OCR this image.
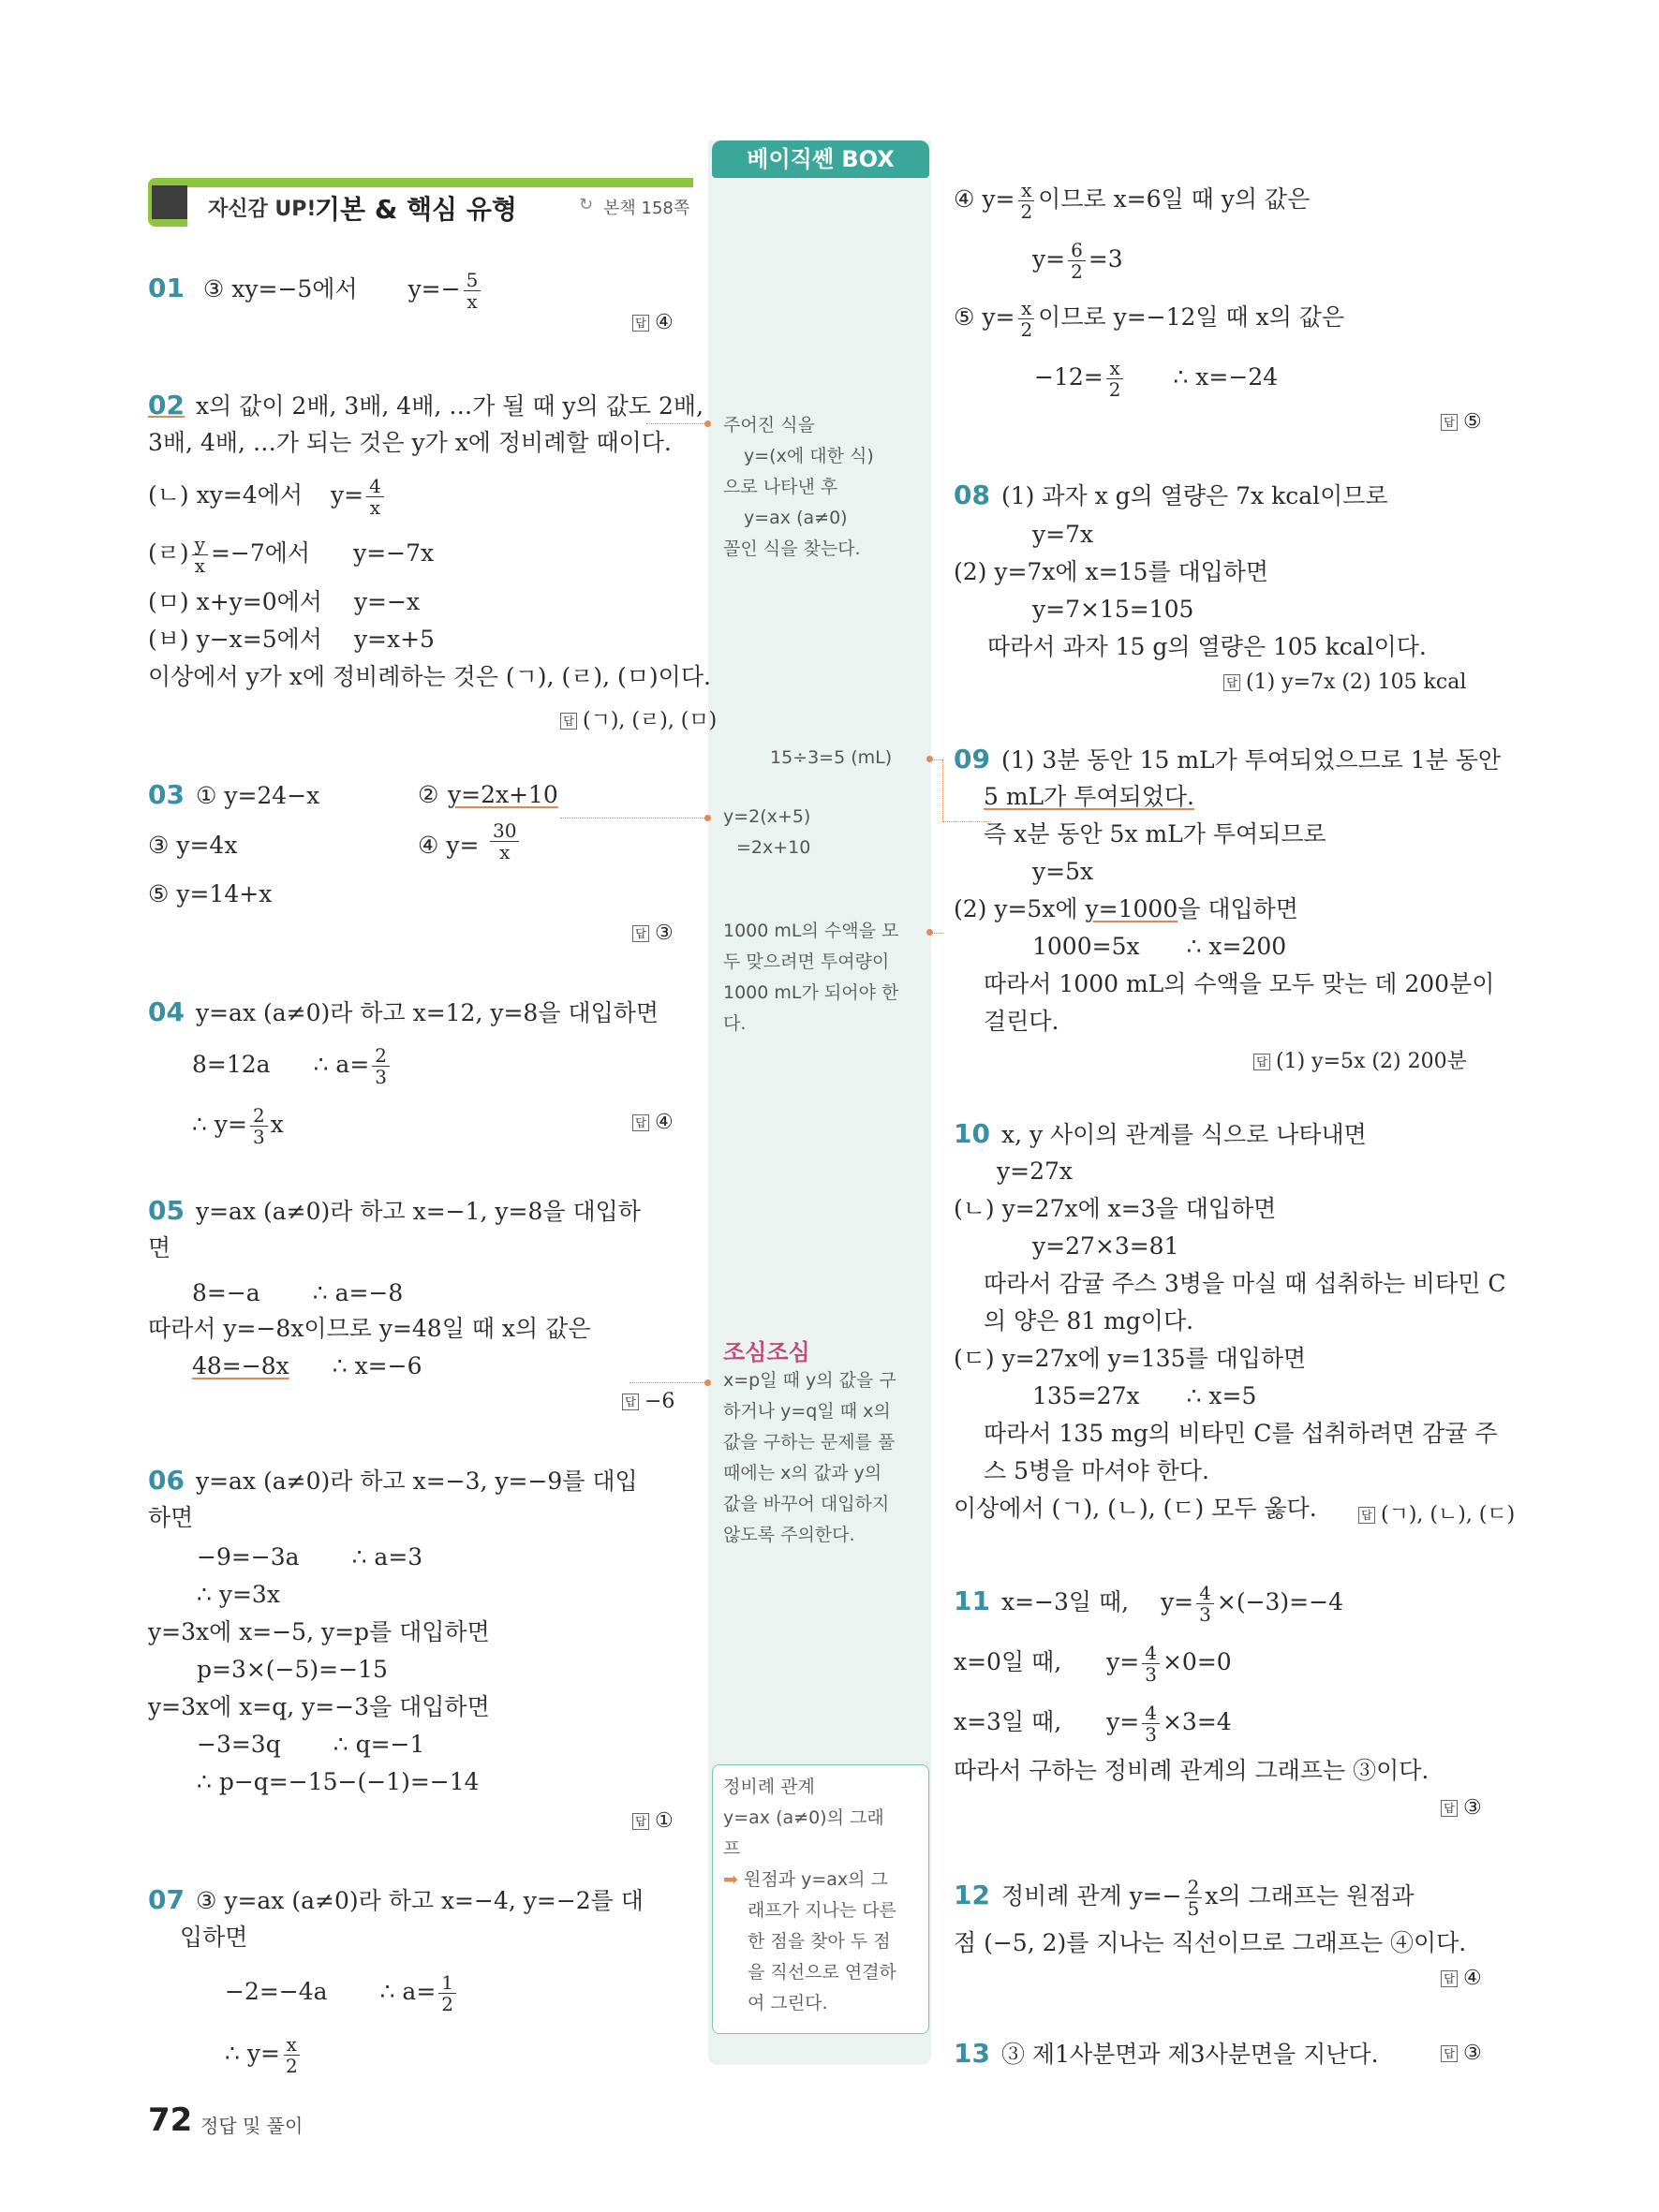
자신감 UP!
기본 & 핵심 유형	↻ 본책 158쪽
베이직쎈 BOX
01 ③ xy=−5에서 $y=- \frac{5}{x}$
답 ④
02 x의 값이 2배, 3배, 4배, …가 될 때 y의 값도 2배,
3배, 4배, …가 되는 것은 y가 x에 정비례할 때이다.
(ㄴ) xy=4에서 $y= \frac{4}{x}$
(ㄹ) $\frac{y}{x} =-7$에서 y=−7x
(ㅁ) x+y=0에서 y=−x
(ㅂ) y−x=5에서 y=x+5
이상에서 y가 x에 정비례하는 것은 (ㄱ), (ㄹ), (ㅁ)이다.
답 (ㄱ), (ㄹ), (ㅁ)
03 ① y=24−x	② y=2x+10
③ y=4x	④ $y= \frac{30}{x}$
⑤ y=14+x
답 ③
04 y=ax (a≠0)라 하고 x=12, y=8을 대입하면
8=12a ∴ $a= \frac{2}{3}$
∴ $y= \frac{2}{3}$ x	답 ④
05 y=ax (a≠0)라 하고 x=−1, y=8을 대입하
면
8=−a ∴ a=−8
따라서 y=−8x이므로 y=48일 때 x의 값은
48=−8x ∴ x=−6
답 −6
06 y=ax (a≠0)라 하고 x=−3, y=−9를 대입
하면
−9=−3a ∴ a=3
∴ y=3x
y=3x에 x=−5, y=p를 대입하면
p=3×(−5)=−15
y=3x에 x=q, y=−3을 대입하면
−3=3q ∴ q=−1
∴ p−q=−15−(−1)=−14
답 ①
07 ③ y=ax (a≠0)라 하고 x=−4, y=−2를 대
입하면
−2=−4a ∴ $a= \frac{1}{2}$
∴ $y= \frac{x}{2}$
주어진 식을
y=(x에 대한 식)
으로 나타낸 후
y=ax (a≠0)
꼴인 식을 찾는다.
15÷3=5 (mL)
y=2(x+5)
=2x+10
1000 mL의 수액을 모
두 맞으려면 투여량이
1000 mL가 되어야 한
다.
조심조심
x=p일 때 y의 값을 구
하거나 y=q일 때 x의
값을 구하는 문제를 풀
때에는 x의 값과 y의
값을 바꾸어 대입하지
않도록 주의한다.
정비례 관계
y=ax (a≠0)의 그래
프
➡ 원점과 y=ax의 그
래프가 지나는 다른
한 점을 찾아 두 점
을 직선으로 연결하
여 그린다.
④ $y= \frac{x}{2}$ 이므로 x=6일 때 y의 값은
$y= \frac{6}{2} =3$
⑤ $y= \frac{x}{2}$ 이므로 y=−12일 때 x의 값은
$-12= \frac{x}{2}$ ∴ x=−24
답 ⑤
08 (1) 과자 x g의 열량은 7x kcal이므로
y=7x
(2) y=7x에 x=15를 대입하면
y=7×15=105
따라서 과자 15 g의 열량은 105 kcal이다.
답 (1) y=7x (2) 105 kcal
09 (1) 3분 동안 15 mL가 투여되었으므로 1분 동안
5 mL가 투여되었다.
즉 x분 동안 5x mL가 투여되므로
y=5x
(2) y=5x에 y=1000을 대입하면
1000=5x ∴ x=200
따라서 1000 mL의 수액을 모두 맞는 데 200분이
걸린다.
답 (1) y=5x (2) 200분
10 x, y 사이의 관계를 식으로 나타내면
y=27x
(ㄴ) y=27x에 x=3을 대입하면
y=27×3=81
따라서 감귤 주스 3병을 마실 때 섭취하는 비타민 C
의 양은 81 mg이다.
(ㄷ) y=27x에 y=135를 대입하면
135=27x ∴ x=5
따라서 135 mg의 비타민 C를 섭취하려면 감귤 주
스 5병을 마셔야 한다.
이상에서 (ㄱ), (ㄴ), (ㄷ) 모두 옳다.	답 (ㄱ), (ㄴ), (ㄷ)
11 x=−3일 때, $y= \frac{4}{3} \times(-3)=-4$
x=0일 때, $y= \frac{4}{3} \times 0=0$
x=3일 때, $y= \frac{4}{3} \times 3=4$
따라서 구하는 정비례 관계의 그래프는 ③이다.
답 ③
12 정비례 관계 $y=- \frac{2}{5}$ x의 그래프는 원점과
점 (−5, 2)를 지나는 직선이므로 그래프는 ④이다.
답 ④
13 ③ 제1사분면과 제3사분면을 지난다.	답 ③
72 정답 및 풀이
